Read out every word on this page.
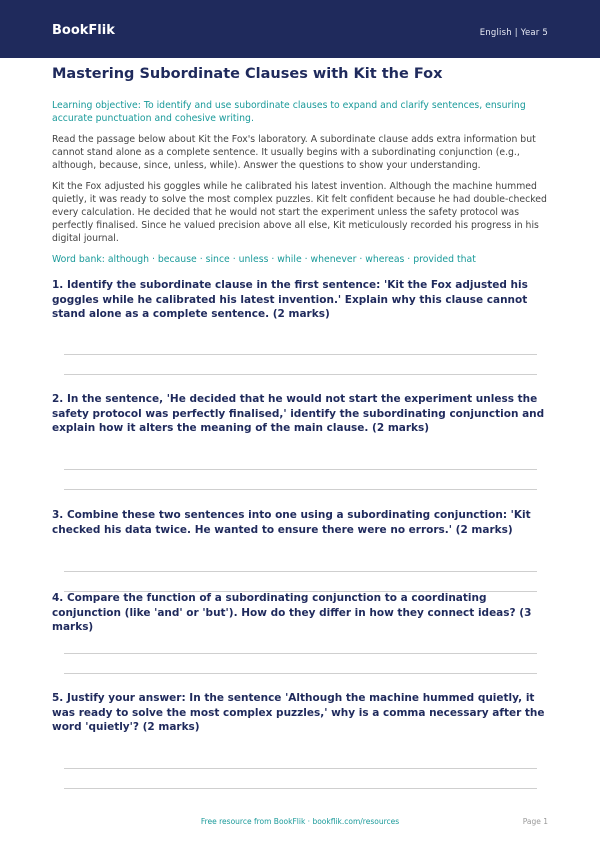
BookFlik	English | Year 5
Mastering Subordinate Clauses with Kit the Fox
Learning objective: To identify and use subordinate clauses to expand and clarify sentences, ensuring accurate punctuation and cohesive writing.
Read the passage below about Kit the Fox's laboratory. A subordinate clause adds extra information but cannot stand alone as a complete sentence. It usually begins with a subordinating conjunction (e.g., although, because, since, unless, while). Answer the questions to show your understanding.
Kit the Fox adjusted his goggles while he calibrated his latest invention. Although the machine hummed quietly, it was ready to solve the most complex puzzles. Kit felt confident because he had double-checked every calculation. He decided that he would not start the experiment unless the safety protocol was perfectly finalised. Since he valued precision above all else, Kit meticulously recorded his progress in his digital journal.
Word bank: although · because · since · unless · while · whenever · whereas · provided that
1. Identify the subordinate clause in the first sentence: 'Kit the Fox adjusted his goggles while he calibrated his latest invention.' Explain why this clause cannot stand alone as a complete sentence. (2 marks)
2. In the sentence, 'He decided that he would not start the experiment unless the safety protocol was perfectly finalised,' identify the subordinating conjunction and explain how it alters the meaning of the main clause. (2 marks)
3. Combine these two sentences into one using a subordinating conjunction: 'Kit checked his data twice. He wanted to ensure there were no errors.' (2 marks)
4. Compare the function of a subordinating conjunction to a coordinating conjunction (like 'and' or 'but'). How do they differ in how they connect ideas? (3 marks)
5. Justify your answer: In the sentence 'Although the machine hummed quietly, it was ready to solve the most complex puzzles,' why is a comma necessary after the word 'quietly'? (2 marks)
Free resource from BookFlik · bookflik.com/resources	Page 1
